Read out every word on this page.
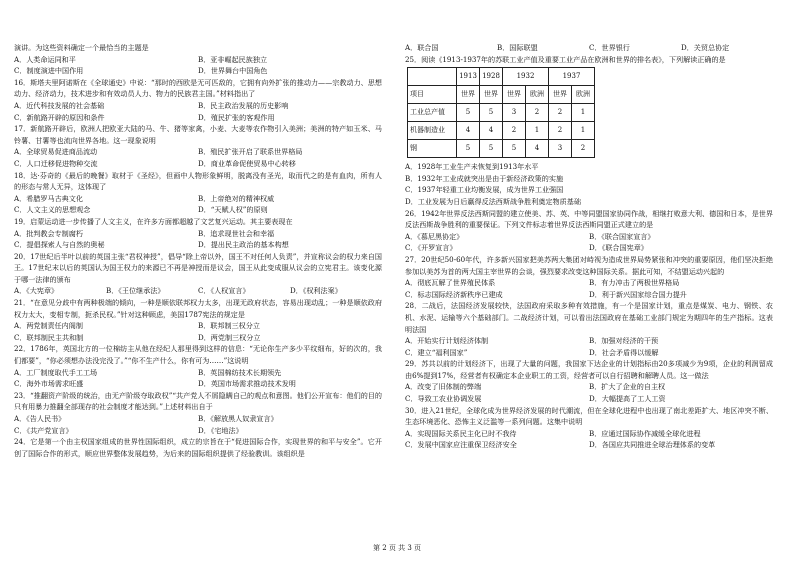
演讲。为这些资料确定一个最恰当的主题是

A．人类命运同和平	B．亚非崛起民族独立
C．制度演进中国作用	D．世界舞台中国角色

16．斯塔夫里阿诺斯在《全球通史》中说：“那时的西欧是无可匹敌的，它拥有向外扩张的推动力——宗教动力、思想动力、经济动力，技术进步和有效动员人力、物力的民族君主国。”材料指出了

A．近代科技发展的社会基础	B．民主政治发展的历史影响
C．新航路开辟的原因和条件	D．殖民扩张的客观作用

17．新航路开辟后，欧洲人把欧亚大陆的马、牛、猪等家禽，小麦、大麦等农作物引入美洲；美洲的特产如玉米、马铃薯、甘薯等也流向世界各地。这一现象说明

A．全球贸易促进商品流动	B．殖民扩张开启了联系世界格局
C．人口迁移促进物种交流	D．商业革命促使贸易中心转移

18．达·芬奇的《最后的晚餐》取材于《圣经》，但画中人物形象鲜明，脱离没有圣光，取而代之的是有血肉，所有人的形态与常人无异，这体现了

A．希腊罗马古典文化	B．上帝绝对的精神权威
C．人文主义的思想观念	D．“天赋人权”的原则

19．启蒙运动进一步传播了人文主义，在许多方面都超越了文艺复兴运动。其主要表现在

A．批判教会专制腐朽	B．追求现世社会和幸福
C．提倡探索人与自然的奥秘	D．提出民主政治的基本构想

20．17世纪后半叶以前的英国主张“君权神授”，倡导“除上帝以外，国王不对任何人负责”，并宣称议会的权力来自国王。17世纪末以后的英国认为国王权力的来源已不再是神授而是议会，国王从此变成服从议会的立宪君主。该变化源于哪一法律的颁布

A．《大宪章》	B．《王位继承法》	C．《人权宣言》	D．《权利法案》

21．“在意见分歧中有两种极端的倾向，一种是顺依联邦权力太多，出现无政府状态，容易出现动乱；一种是顺依政府权力太大，变相专制，扼杀民权。”针对这种顾虑，美国1787宪法的规定是

A．两党制责任内阁制	B．联邦制三权分立
C．联邦制民主共和制	D．两党制三权分立

22．1786年，英国北方的一位棉纺主从他在经纪人那里得到这样的信息：“无论你生产多少平纹细布，好的次的，我们都要”，“你必须想办法没完没了。”“你不生产什么，你有可为……”这说明

A．工厂制度取代手工工场	B．英国棉纺技术长期领先
C．海外市场需求旺盛	D．英国市场需求推动技术发明

23．“推翻资产阶级的统治，由无产阶级夺取政权”“共产党人不屑隐瞒自己的观点和意图。他们公开宣布：他们的目的只有用暴力推翻全部现存的社会制度才能达到。”上述材料出自于

A．《告人民书》	B．《解放黑人奴隶宣言》
C．《共产党宣言》	D．《宅地法》

24．它是第一个由主权国家组成的世界性国际组织，成立的宗旨在于“促进国际合作，实现世界的和平与安全”。它开创了国际合作的形式，顺应世界整体发展趋势，为后来的国际组织提供了经验教训。该组织是

A．联合国	B．国际联盟	C．世界银行	D．关贸总协定

25．阅读《1913-1937年的苏联工业产值及重要工业产品在欧洲和世界的排名表》，下列解读正确的是

	1913	1928	1932		1937	
项目	世界	世界	世界	欧洲	世界	欧洲
工业总产值	5	5	3	2	2	1
机器制造业	4	4	2	1	2	1
钢	5	5	5	4	3	2

A．1928年工业生产未恢复到1913年水平

B．1932年工业成就突出是由于新经济政策的实施

C．1937年轻重工业均衡发展，成为世界工业强国

D．工业发展为日后赢得反法西斯战争胜利奠定物质基础

26．1942年世界反法西斯同盟的建立使美、苏、英、中等同盟国家协同作战，相继打败意大利、德国和日本，是世界反法西斯战争胜利的重要保证。下列文件标志着世界反法西斯同盟正式建立的是

A．《慕尼黑协定》	B．《联合国家宣言》
C．《开罗宣言》	D．《联合国宪章》

27．20世纪50-60年代，许多新兴国家把美苏两大集团对峙视为造成世界局势紧张和冲突的重要原因，他们坚决拒绝参加以美苏为首的两大国主宰世界的会谈，强烈要求改变这种国际关系。据此可知，不结盟运动兴起的

A．彻底瓦解了世界殖民体系	B．有力冲击了两极世界格局
C．标志国际经济新秩序已建成	D．利于新兴国家综合国力提升

28．二战后，法国经济发展较快，法国政府采取多种有效措施，有一个是国家计划，重点是煤炭、电力、钢铁、农机、水泥、运输等六个基础部门。二战经济计划，可以看出法国政府在基础工业部门规定为期四年的生产指标。这表明法国

A．开始实行计划经济体制	B．加强对经济的干预
C．建立“福利国家”	D．社会矛盾得以缓解

29．苏共以前的计划经济下，出现了大量的问题，我国家下达企业的计划指标由20多项减少为9项，企业的利润留成由6%提到17%，经营者有权确定本企业职工的工资，经营者可以自行招聘和解聘人员。这一做法

A．改变了旧体制的弊端	B．扩大了企业的自主权
C．导致工农业协调发展	D．大幅提高了工人工资

30．进入21世纪，全球化成为世界经济发展的时代潮流，但在全球化进程中也出现了南北差距扩大、地区冲突不断、生态环境恶化、恐怖主义泛滥等一系列问题。这集中说明

A．实现国际关系民主化已时不我待	B．应通过国际协作减缓全球化进程
C．发展中国家应注重保卫经济安全	D．各国应共同推进全球治理体系的变革
第 2 页 共 3 页
